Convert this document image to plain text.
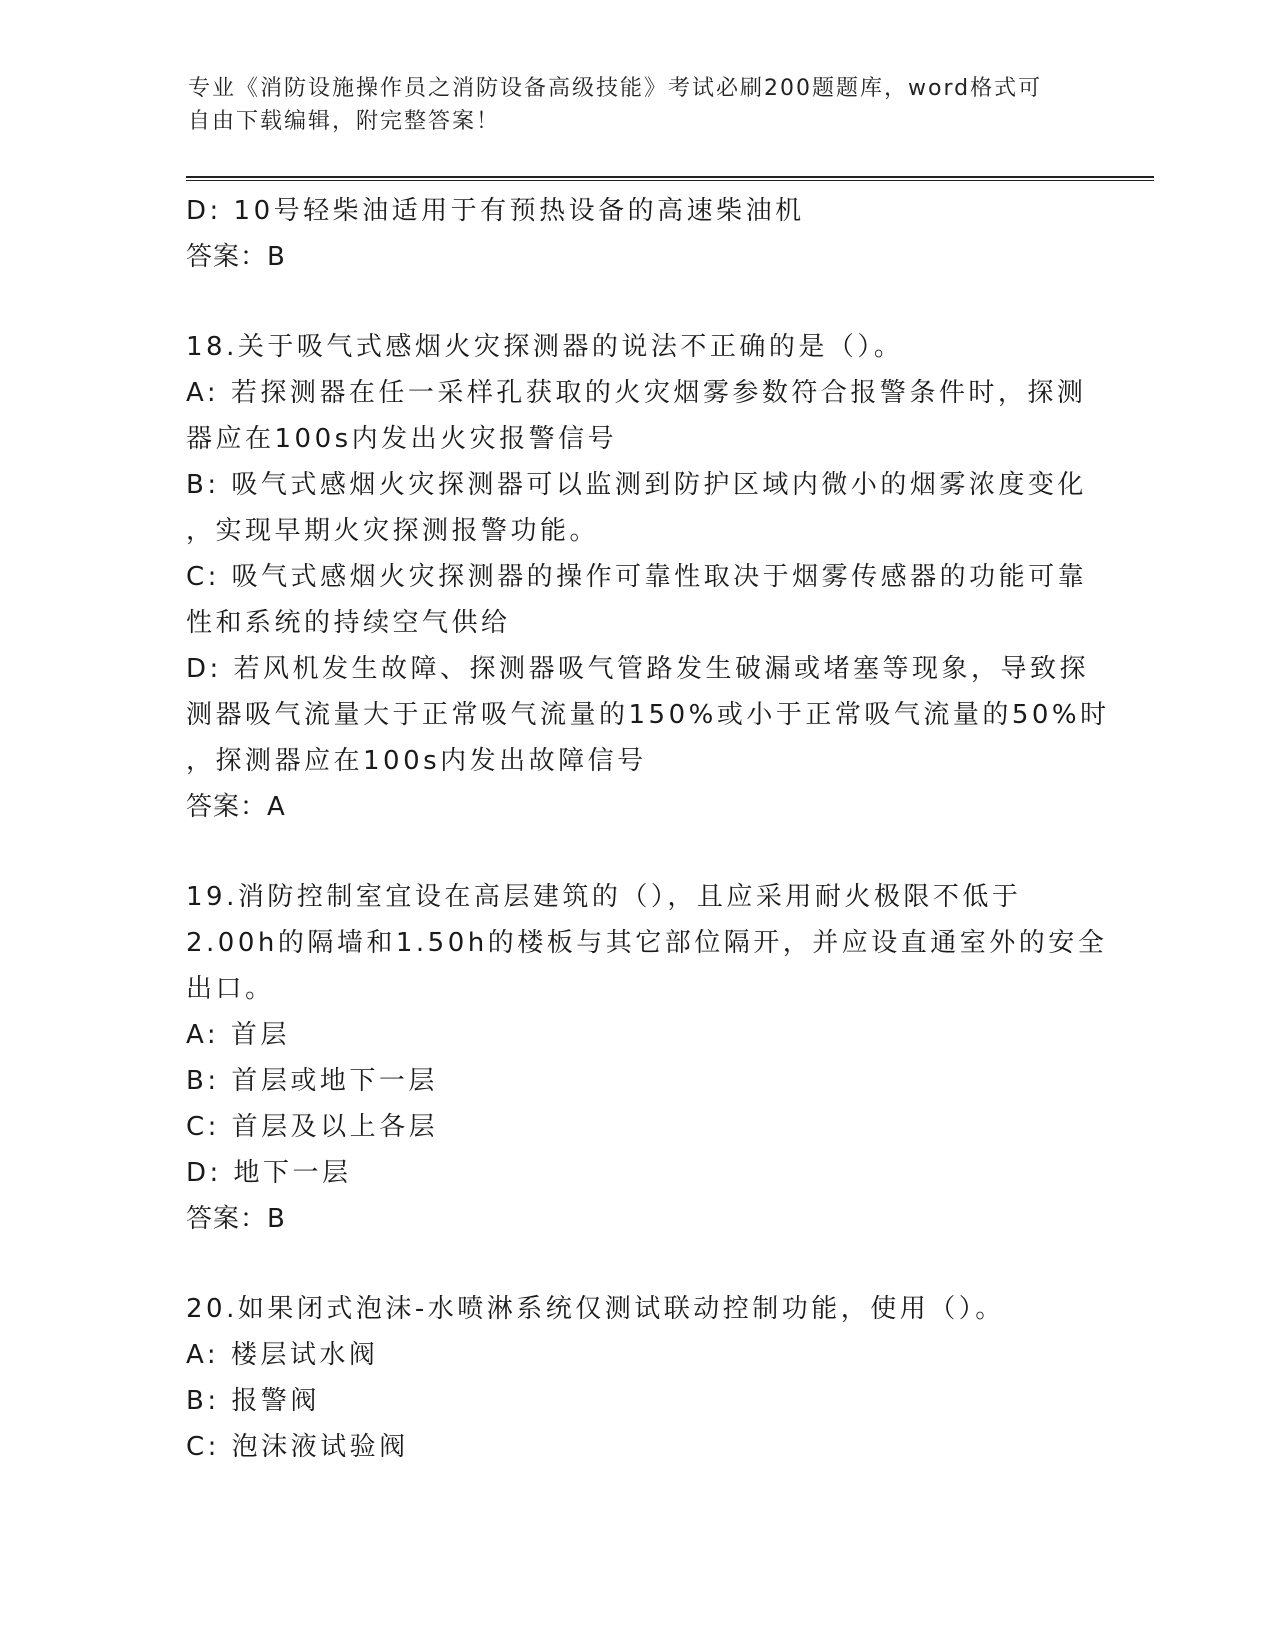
专业《消防设施操作员之消防设备高级技能》考试必刷200题题库，word格式可
自由下载编辑，附完整答案！
D: 10号轻柴油适用于有预热设备的高速柴油机
答案：B
18.关于吸气式感烟火灾探测器的说法不正确的是（）。
A: 若探测器在任一采样孔获取的火灾烟雾参数符合报警条件时，探测
器应在100s内发出火灾报警信号
B: 吸气式感烟火灾探测器可以监测到防护区域内微小的烟雾浓度变化
，实现早期火灾探测报警功能。
C: 吸气式感烟火灾探测器的操作可靠性取决于烟雾传感器的功能可靠
性和系统的持续空气供给
D: 若风机发生故障、探测器吸气管路发生破漏或堵塞等现象，导致探
测器吸气流量大于正常吸气流量的150%或小于正常吸气流量的50%时
，探测器应在100s内发出故障信号
答案：A
19.消防控制室宜设在高层建筑的（），且应采用耐火极限不低于
2.00h的隔墙和1.50h的楼板与其它部位隔开，并应设直通室外的安全
出口。
A: 首层
B: 首层或地下一层
C: 首层及以上各层
D: 地下一层
答案：B
20.如果闭式泡沫-水喷淋系统仅测试联动控制功能，使用（）。
A: 楼层试水阀
B: 报警阀
C: 泡沫液试验阀
